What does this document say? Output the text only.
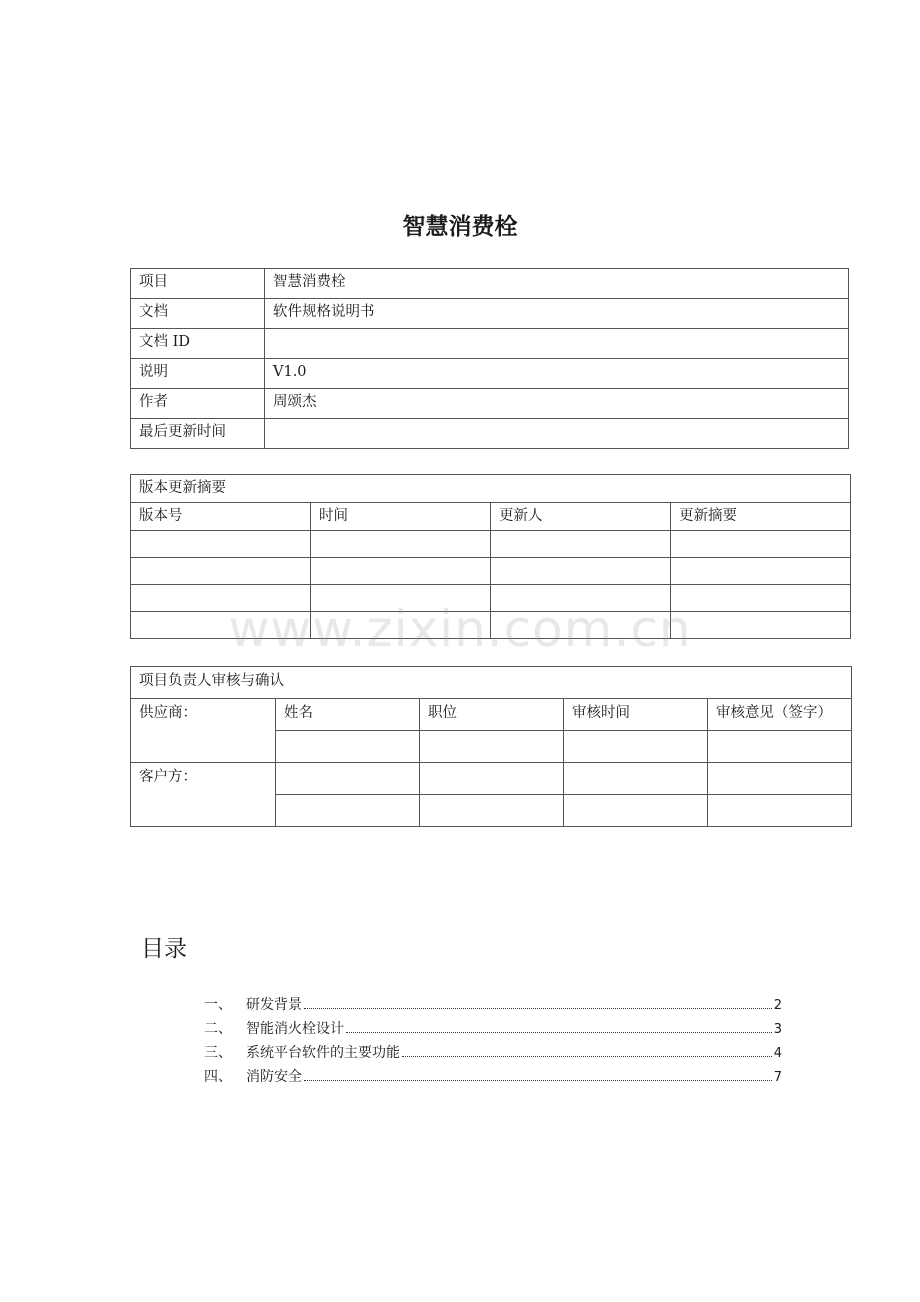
智慧消费栓
项目	智慧消费栓
文档	软件规格说明书
文档 ID	
说明	V1.0
作者	周颂杰
最后更新时间	
版本更新摘要			
版本号	时间	更新人	更新摘要

www.zixin.com.cn
项目负责人审核与确认				
供应商：	姓名	职位	审核时间	审核意见（签字）

客户方：				

目录
一、	研发背景	2
二、	智能消火栓设计	3
三、	系统平台软件的主要功能	4
四、	消防安全	7
